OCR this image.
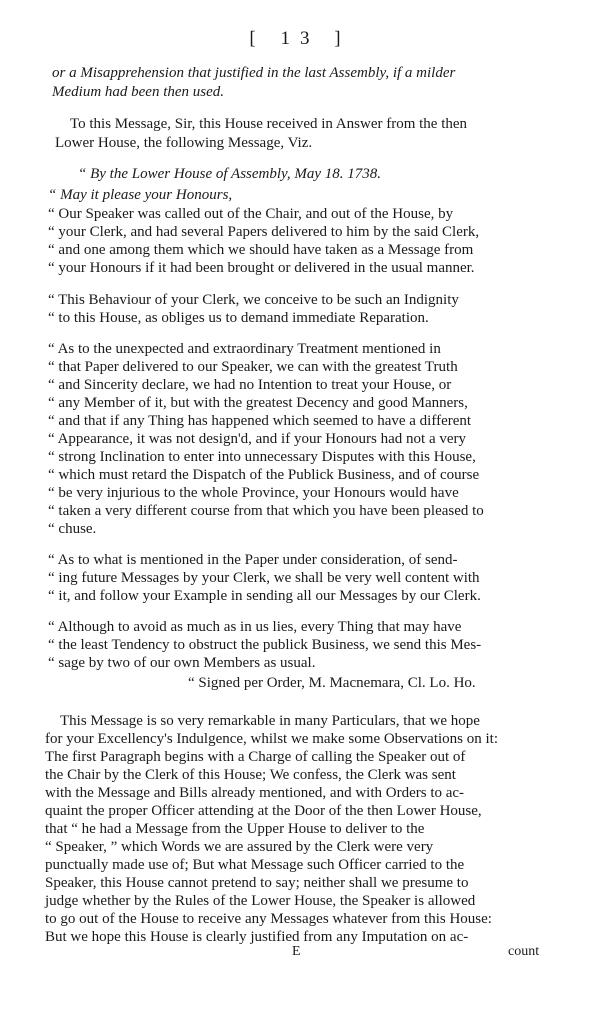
[ 13 ]
or a Misapprehension that justified in the last Assembly, if a milder
Medium had been then used.
To this Message, Sir, this House received in Answer from the then
Lower House, the following Message, Viz.
“ By the Lower House of Assembly, May 18. 1738.
“ May it please your Honours,
“ Our Speaker was called out of the Chair, and out of the House, by
“ your Clerk, and had several Papers delivered to him by the said Clerk,
“ and one among them which we should have taken as a Message from
“ your Honours if it had been brought or delivered in the usual manner.
“ This Behaviour of your Clerk, we conceive to be such an Indignity
“ to this House, as obliges us to demand immediate Reparation.
“ As to the unexpected and extraordinary Treatment mentioned in
“ that Paper delivered to our Speaker, we can with the greatest Truth
“ and Sincerity declare, we had no Intention to treat your House, or
“ any Member of it, but with the greatest Decency and good Manners,
“ and that if any Thing has happened which seemed to have a different
“ Appearance, it was not design'd, and if your Honours had not a very
“ strong Inclination to enter into unnecessary Disputes with this House,
“ which must retard the Dispatch of the Publick Business, and of course
“ be very injurious to the whole Province, your Honours would have
“ taken a very different course from that which you have been pleased to
“ chuse.
“ As to what is mentioned in the Paper under consideration, of send-
“ ing future Messages by your Clerk, we shall be very well content with
“ it, and follow your Example in sending all our Messages by our Clerk.
“ Although to avoid as much as in us lies, every Thing that may have
“ the least Tendency to obstruct the publick Business, we send this Mes-
“ sage by two of our own Members as usual.
“ Signed per Order, M. Macnemara, Cl. Lo. Ho.
This Message is so very remarkable in many Particulars, that we hope
for your Excellency's Indulgence, whilst we make some Observations on it:
The first Paragraph begins with a Charge of calling the Speaker out of
the Chair by the Clerk of this House; We confess, the Clerk was sent
with the Message and Bills already mentioned, and with Orders to ac-
quaint the proper Officer attending at the Door of the then Lower House,
that “ he had a Message from the Upper House to deliver to the
“ Speaker, ” which Words we are assured by the Clerk were very
punctually made use of; But what Message such Officer carried to the
Speaker, this House cannot pretend to say; neither shall we presume to
judge whether by the Rules of the Lower House, the Speaker is allowed
to go out of the House to receive any Messages whatever from this House:
But we hope this House is clearly justified from any Imputation on ac-
E	count
